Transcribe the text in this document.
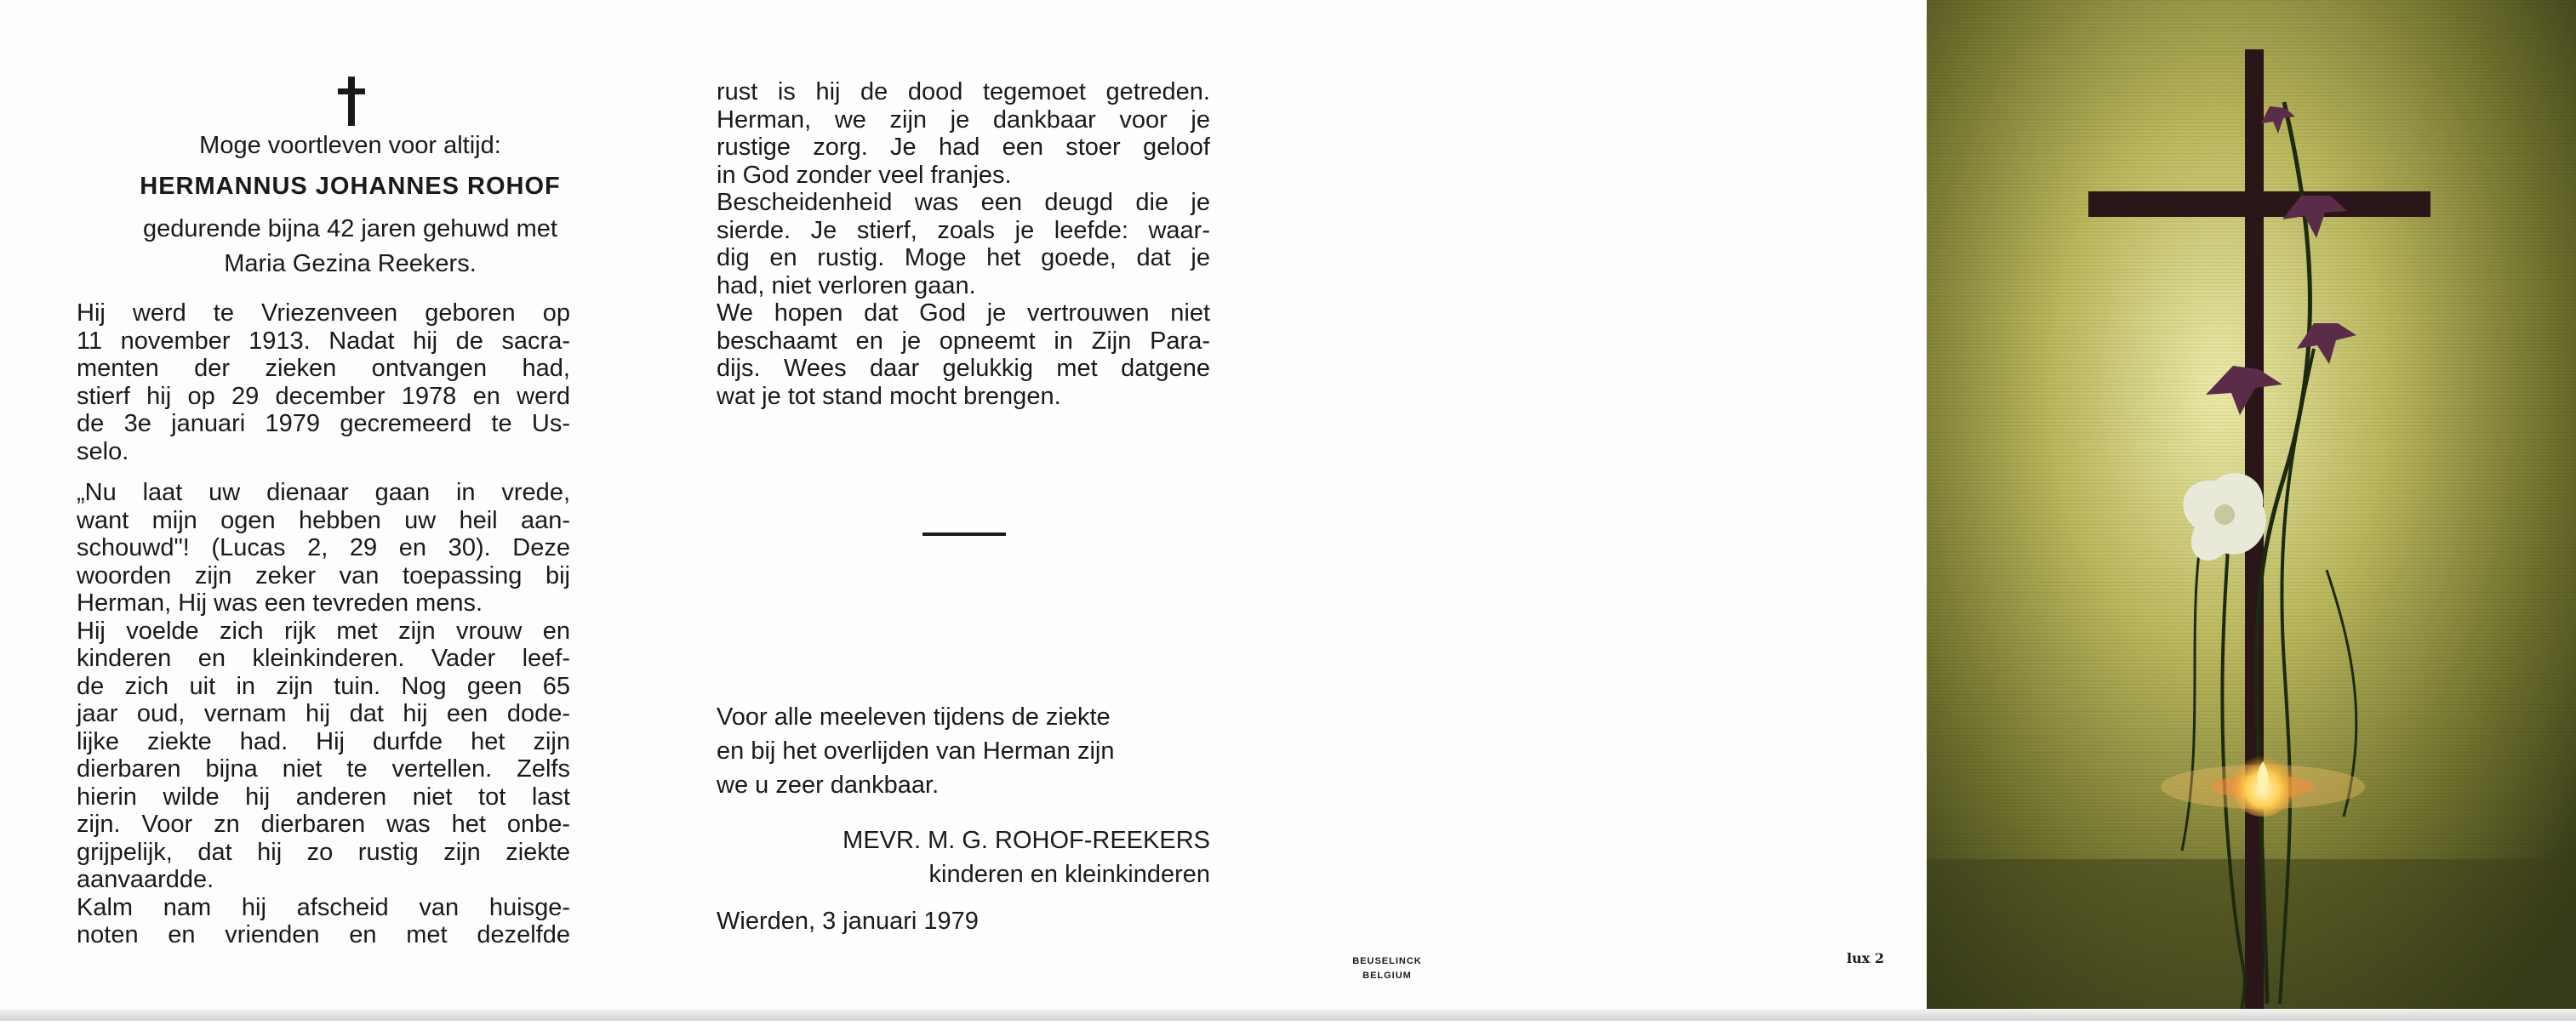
Moge voortleven voor altijd:
HERMANNUS JOHANNES ROHOF
gedurende bijna 42 jaren gehuwd met
Maria Gezina Reekers.

Hij werd te Vriezenveen geboren op

11 november 1913. Nadat hij de sacra-

menten der zieken ontvangen had,

stierf hij op 29 december 1978 en werd

de 3e januari 1979 gecremeerd te Us-

selo.

„Nu laat uw dienaar gaan in vrede,

want mijn ogen hebben uw heil aan-

schouwd"! (Lucas 2, 29 en 30). Deze

woorden zijn zeker van toepassing bij

Herman, Hij was een tevreden mens.

Hij voelde zich rijk met zijn vrouw en

kinderen en kleinkinderen. Vader leef-

de zich uit in zijn tuin. Nog geen 65

jaar oud, vernam hij dat hij een dode-

lijke ziekte had. Hij durfde het zijn

dierbaren bijna niet te vertellen. Zelfs

hierin wilde hij anderen niet tot last

zijn. Voor zn dierbaren was het onbe-

grijpelijk, dat hij zo rustig zijn ziekte

aanvaardde.

Kalm nam hij afscheid van huisge-

noten en vrienden en met dezelfde

rust is hij de dood tegemoet getreden.

Herman, we zijn je dankbaar voor je

rustige zorg. Je had een stoer geloof

in God zonder veel franjes.

Bescheidenheid was een deugd die je

sierde. Je stierf, zoals je leefde: waar-

dig en rustig. Moge het goede, dat je

had, niet verloren gaan.

We hopen dat God je vertrouwen niet

beschaamt en je opneemt in Zijn Para-

dijs. Wees daar gelukkig met datgene

wat je tot stand mocht brengen.

Voor alle meeleven tijdens de ziekte

en bij het overlijden van Herman zijn

we u zeer dankbaar.

MEVR. M. G. ROHOF-REEKERS

kinderen en kleinkinderen

Wierden, 3 januari 1979
BEUSELINCK
BELGIUM
lux 2
